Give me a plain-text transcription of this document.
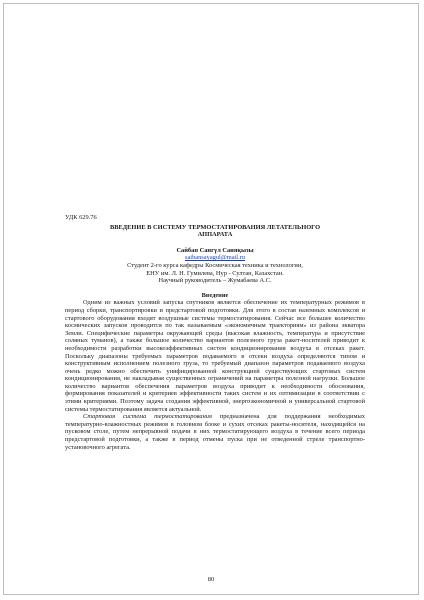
УДК 629.76
ВВЕДЕНИЕ В СИСТЕМУ ТЕРМОСТАТИРОВАНИЯ ЛЕТАТЕЛЬНОГО
АППАРАТА
Сайбан Сангүл Саияқызы
saibansayagul@mail.ru
Студент 2-го курса кафедры Космическая техника и технологии,
ЕНУ им. Л. Н. Гумилева, Нур - Султан, Казахстан.
Научный руководитель – Жумабаева А.С.
Введение

Одним из важных условий запуска спутников является обеспечение их температурных режимов в период сборки, транспортировки и предстартовой подготовки. Для этого в состав наземных комплексов и стартового оборудования входят воздушные системы термостатирования. Сейчас все большее количество космических запусков проводится по так называемым «экономичным траекториям» из района экватора Земли. Специфические параметры окружающей среды (высокая влажность, температура и присутствие соляных туманов), а также большое количество вариантов полезного груза ракет-носителей приводит к необходимости разработки высокоэффективных систем кондиционирования воздуха в отсеках ракет. Поскольку диапазоны требуемых параметров подаваемого в отсеки воздуха определяются типом и конструктивным исполнением полезного груза, то требуемый диапазон параметров подаваемого воздуха очень редко можно обеспечить унифицированной конструкцией существующих стартовых систем кондиционирования, не накладывая существенных ограничений на параметры полезной нагрузки. Большое количество вариантов обеспечения параметров воздуха приводит к необходимости обоснования, формирования показателей и критериев эффективности таких систем и их оптимизации в соответствии с этими критериями. Поэтому задача создания эффективной, энергоэкономичной и универсальной стартовой системы термостатирования является актуальной.

Стартовая система термостатирования предназначена для поддержания необходимых температурно-влажностных режимов в головном блоке и сухих отсеках ракеты-носителя, находящейся на пусковом столе, путем непрерывной подачи в них термостатирующего воздуха в течение всего периода предстартовой подготовки, а также в период отмены пуска при не отведенной стреле транспортно-установочного агрегата.

80
